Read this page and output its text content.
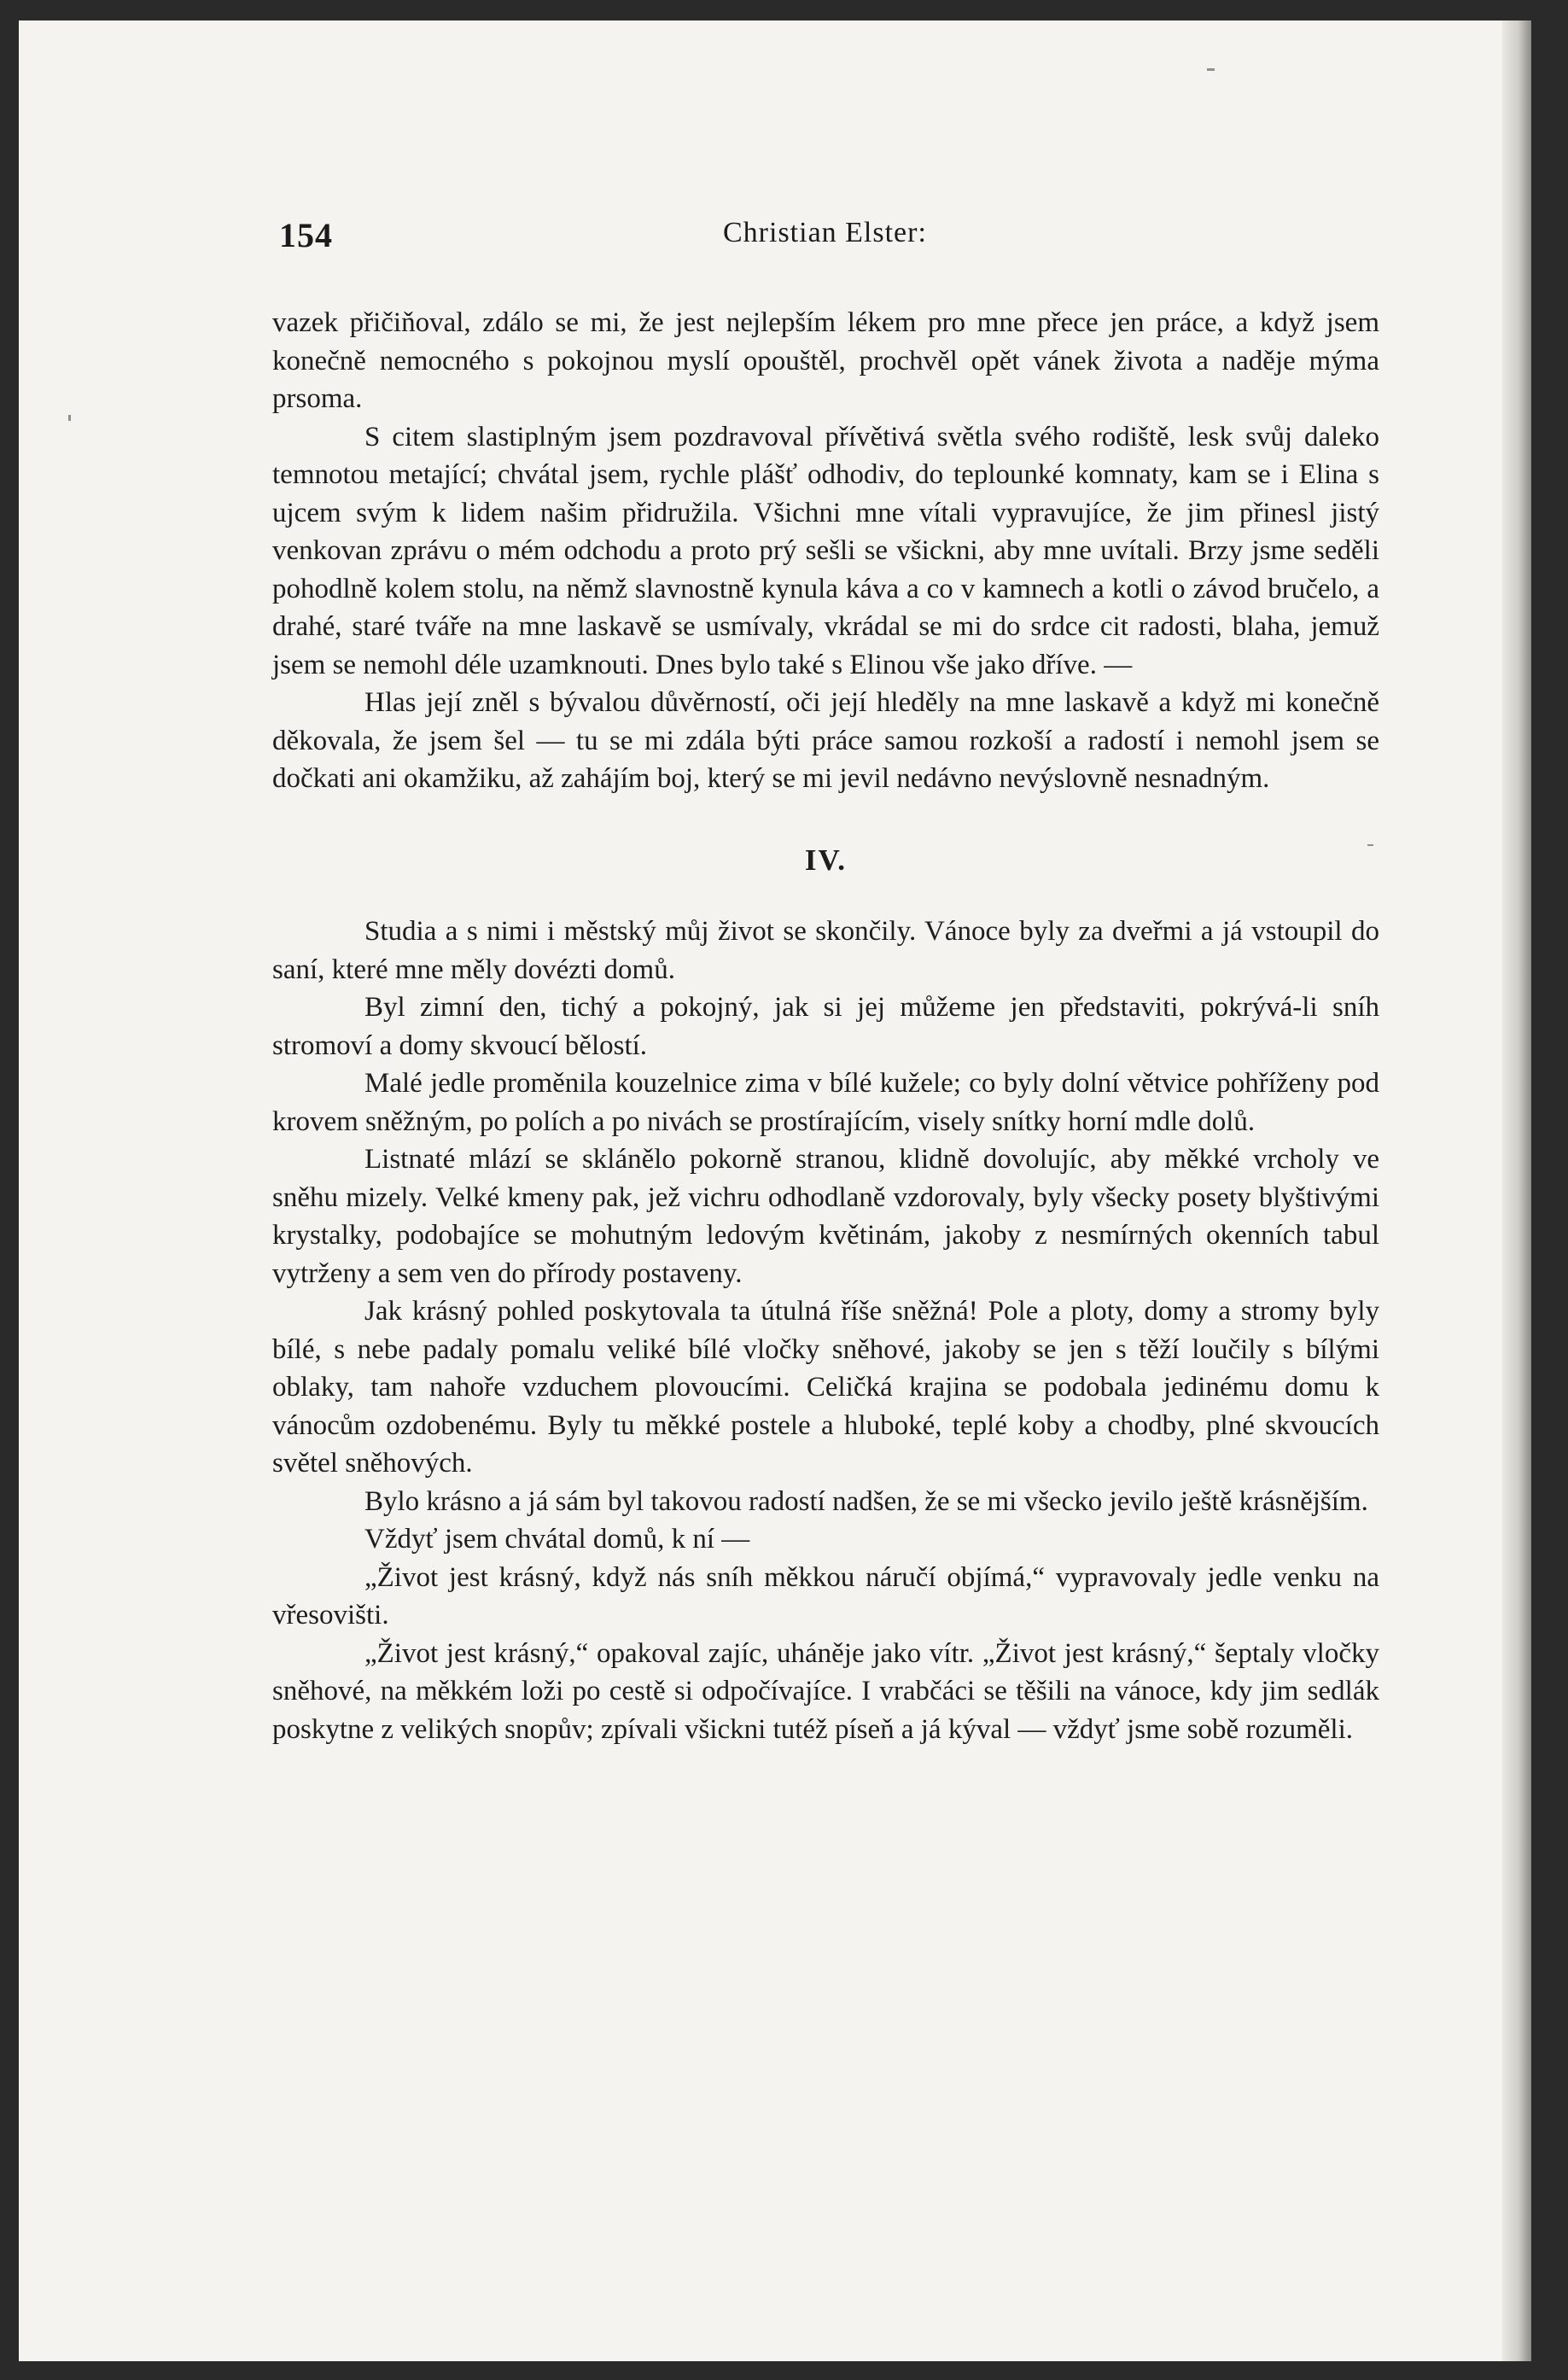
154	Christian Elster:

vazek přičiňoval, zdálo se mi, že jest nejlepším lékem pro mne přece jen práce, a když jsem konečně nemocného s pokojnou myslí opouštěl, prochvěl opět vánek života a naděje mýma prsoma.

S citem slastiplným jsem pozdravoval přívětivá světla svého rodiště, lesk svůj daleko temnotou metající; chvátal jsem, rychle plášť odhodiv, do teplounké komnaty, kam se i Elina s ujcem svým k lidem našim přidružila. Všichni mne vítali vypravujíce, že jim přinesl jistý venkovan zprávu o mém odchodu a proto prý sešli se všickni, aby mne uvítali. Brzy jsme seděli pohodlně kolem stolu, na němž slavnostně kynula káva a co v kamnech a kotli o závod bručelo, a drahé, staré tváře na mne laskavě se usmívaly, vkrádal se mi do srdce cit radosti, blaha, jemuž jsem se nemohl déle uzamknouti. Dnes bylo také s Elinou vše jako dříve. —

Hlas její zněl s bývalou důvěrností, oči její hleděly na mne laskavě a když mi konečně děkovala, že jsem šel — tu se mi zdála býti práce samou rozkoší a radostí i nemohl jsem se dočkati ani okamžiku, až zahájím boj, který se mi jevil nedávno nevýslovně nesnadným.

IV.

Studia a s nimi i městský můj život se skončily. Vánoce byly za dveřmi a já vstoupil do saní, které mne měly dovézti domů.

Byl zimní den, tichý a pokojný, jak si jej můžeme jen představiti, pokrývá-li sníh stromoví a domy skvoucí bělostí.

Malé jedle proměnila kouzelnice zima v bílé kužele; co byly dolní větvice pohříženy pod krovem sněžným, po polích a po nivách se prostírajícím, visely snítky horní mdle dolů.

Listnaté mlází se sklánělo pokorně stranou, klidně dovolujíc, aby měkké vrcholy ve sněhu mizely. Velké kmeny pak, jež vichru odhodlaně vzdorovaly, byly všecky posety blyštivými krystalky, podobajíce se mohutným ledovým květinám, jakoby z nesmírných okenních tabul vytrženy a sem ven do přírody postaveny.

Jak krásný pohled poskytovala ta útulná říše sněžná! Pole a ploty, domy a stromy byly bílé, s nebe padaly pomalu veliké bílé vločky sněhové, jakoby se jen s těží loučily s bílými oblaky, tam nahoře vzduchem plovoucími. Celičká krajina se podobala jedinému domu k vánocům ozdobenému. Byly tu měkké postele a hluboké, teplé koby a chodby, plné skvoucích světel sněhových.

Bylo krásno a já sám byl takovou radostí nadšen, že se mi všecko jevilo ještě krásnějším.

Vždyť jsem chvátal domů, k ní —

„Život jest krásný, když nás sníh měkkou náručí objímá,“ vypravovaly jedle venku na vřesovišti.

„Život jest krásný,“ opakoval zajíc, uháněje jako vítr. „Život jest krásný,“ šeptaly vločky sněhové, na měkkém loži po cestě si odpočívajíce. I vrabčáci se těšili na vánoce, kdy jim sedlák poskytne z velikých snopův; zpívali všickni tutéž píseň a já kýval — vždyť jsme sobě rozuměli.
